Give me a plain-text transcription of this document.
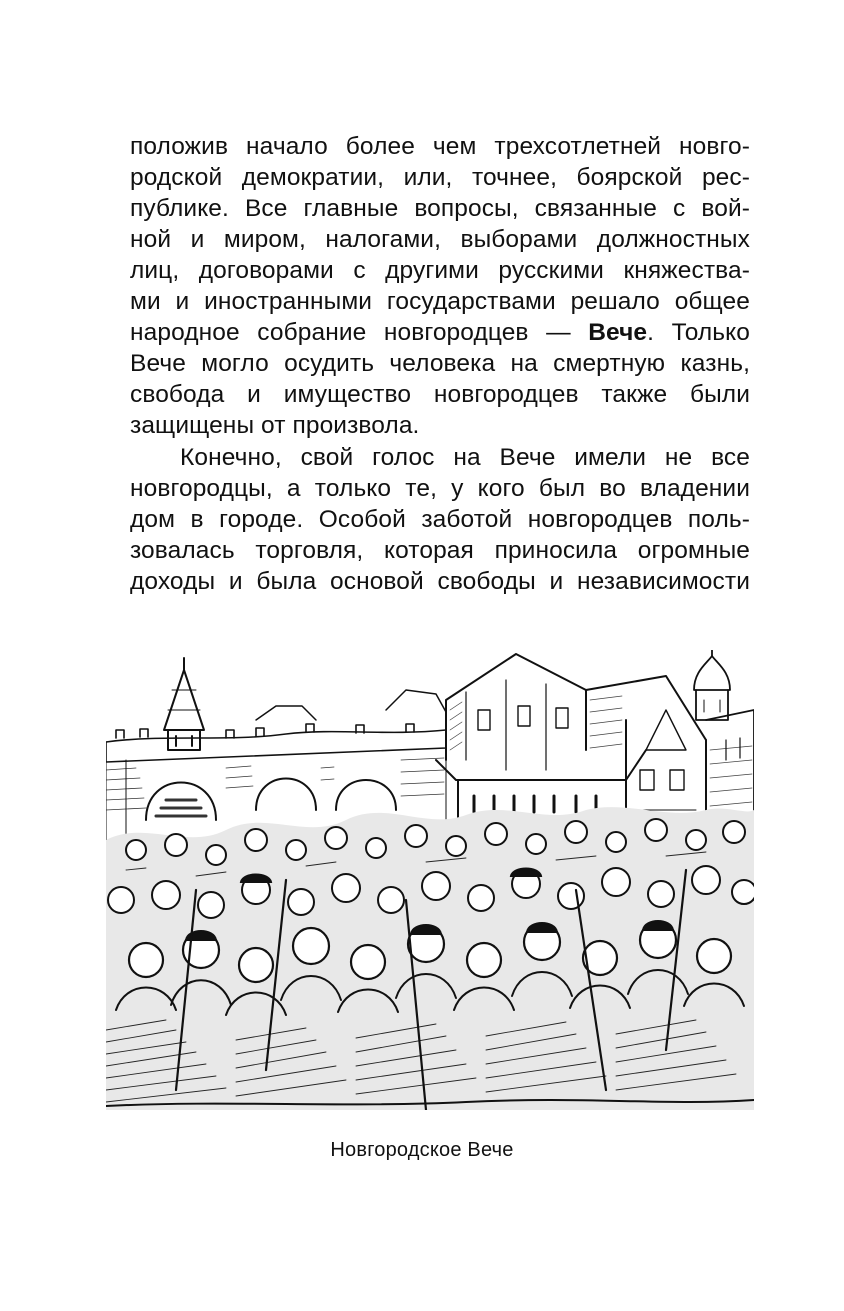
положив начало более чем трехсотлетней новго-
родской демократии, или, точнее, боярской рес-
публике. Все главные вопросы, связанные с вой-
ной и миром, налогами, выборами должностных
лиц, договорами с другими русскими княжества-
ми и иностранными государствами решало общее
народное собрание новгородцев — Вече. Только
Вече могло осудить человека на смертную казнь,
свобода и имущество новгородцев также были
защищены от произвола.
Конечно, свой голос на Вече имели не все
новгородцы, а только те, у кого был во владении
дом в городе. Особой заботой новгородцев поль-
зовалась торговля, которая приносила огромные
доходы и была основой свободы и независимости
Новгородское Вече
